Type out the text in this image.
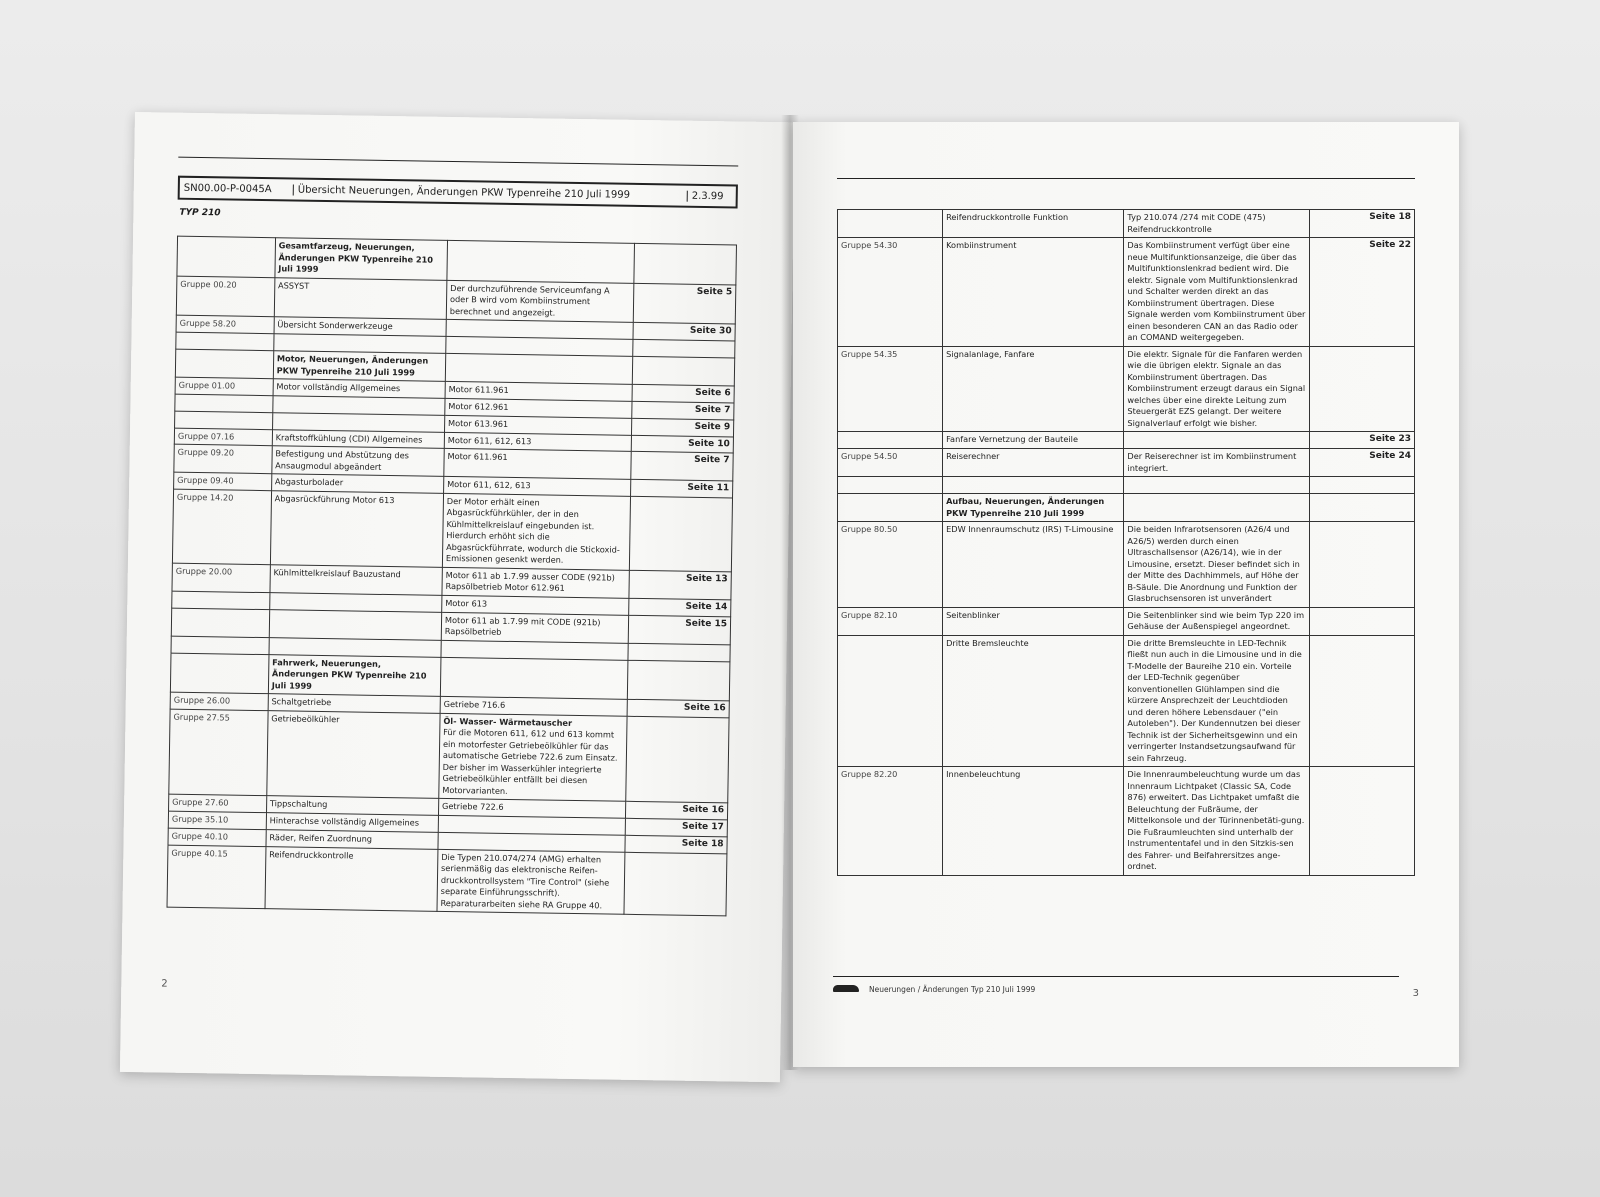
SN00.00-P-0045A	Übersicht Neuerungen, Änderungen PKW Typenreihe 210 Juli 1999	2.3.99
TYP 210
	Gesamtfarzeug, Neuerungen, Änderungen PKW Typenreihe 210 Juli 1999		
Gruppe 00.20	ASSYST	Der durchzuführende Serviceumfang A oder B wird vom Kombiinstrument berechnet und angezeigt.	Seite 5
Gruppe 58.20	Übersicht Sonderwerkzeuge		Seite 30

	Motor, Neuerungen, Änderungen PKW Typenreihe 210 Juli 1999		
Gruppe 01.00	Motor vollständig Allgemeines	Motor 611.961	Seite 6
		Motor 612.961	Seite 7
		Motor 613.961	Seite 9
Gruppe 07.16	Kraftstoffkühlung (CDI) Allgemeines	Motor 611, 612, 613	Seite 10
Gruppe 09.20	Befestigung und Abstützung des Ansaugmodul abgeändert	Motor 611.961	Seite 7
Gruppe 09.40	Abgasturbolader	Motor 611, 612, 613	Seite 11
Gruppe 14.20	Abgasrückführung Motor 613	Der Motor erhält einen Abgasrückführkühler, der in den Kühlmittelkreislauf eingebunden ist. Hierdurch erhöht sich die Abgasrückführrate, wodurch die Stickoxid-Emissionen gesenkt werden.	
Gruppe 20.00	Kühlmittelkreislauf Bauzustand	Motor 611 ab 1.7.99 ausser CODE (921b) Rapsölbetrieb Motor 612.961	Seite 13
		Motor 613	Seite 14
		Motor 611 ab 1.7.99 mit CODE (921b) Rapsölbetrieb	Seite 15

	Fahrwerk, Neuerungen, Änderungen PKW Typenreihe 210 Juli 1999		
Gruppe 26.00	Schaltgetriebe	Getriebe 716.6	Seite 16
Gruppe 27.55	Getriebeölkühler	Öl- Wasser- Wärmetauscher
Für die Motoren 611, 612 und 613 kommt ein motorfester Getriebeölkühler für das automatische Getriebe 722.6 zum Einsatz. Der bisher im Wasserkühler integrierte Getriebeölkühler entfällt bei diesen Motorvarianten.	

Gruppe 27.60	Tippschaltung	Getriebe 722.6	Seite 16
Gruppe 35.10	Hinterachse vollständig Allgemeines		Seite 17
Gruppe 40.10	Räder, Reifen Zuordnung		Seite 18
Gruppe 40.15	Reifendruckkontrolle	Die Typen 210.074/274 (AMG) erhalten serienmäßig das elektronische Reifen-druckkontrollsystem "Tire Control" (siehe separate Einführungsschrift). Reparaturarbeiten siehe RA Gruppe 40.	
2
	Reifendruckkontrolle Funktion	Typ 210.074 /274 mit CODE (475) Reifendruckkontrolle	Seite 18
Gruppe 54.30	Kombiinstrument	Das Kombiinstrument verfügt über eine neue Multifunktionsanzeige, die über das Multifunktionslenkrad bedient wird. Die elektr. Signale vom Multifunktionslenkrad und Schalter werden direkt an das Kombiinstrument übertragen. Diese Signale werden vom Kombiinstrument über einen besonderen CAN an das Radio oder an COMAND weitergegeben.	Seite 22
Gruppe 54.35	Signalanlage, Fanfare	Die elektr. Signale für die Fanfaren werden wie die übrigen elektr. Signale an das Kombiinstrument übertragen. Das Kombiinstrument erzeugt daraus ein Signal welches über eine direkte Leitung zum Steuergerät EZS gelangt. Der weitere Signalverlauf erfolgt wie bisher.	
	Fanfare Vernetzung der Bauteile		Seite 23
Gruppe 54.50	Reiserechner	Der Reiserechner ist im Kombiinstrument integriert.	Seite 24

	Aufbau, Neuerungen, Änderungen PKW Typenreihe 210 Juli 1999		
Gruppe 80.50	EDW Innenraumschutz (IRS) T-Limousine	Die beiden Infrarotsensoren (A26/4 und A26/5) werden durch einen Ultraschallsensor (A26/14), wie in der Limousine, ersetzt. Dieser befindet sich in der Mitte des Dachhimmels, auf Höhe der B-Säule. Die Anordnung und Funktion der Glasbruchsensoren ist unverändert	
Gruppe 82.10	Seitenblinker	Die Seitenblinker sind wie beim Typ 220 im Gehäuse der Außenspiegel angeordnet.	
	Dritte Bremsleuchte	Die dritte Bremsleuchte in LED-Technik fließt nun auch in die Limousine und in die T-Modelle der Baureihe 210 ein. Vorteile der LED-Technik gegenüber konventionellen Glühlampen sind die kürzere Ansprechzeit der Leuchtdioden und deren höhere Lebensdauer ("ein Autoleben"). Der Kundennutzen bei dieser Technik ist der Sicherheitsgewinn und ein verringerter Instandsetzungsaufwand für sein Fahrzeug.	
Gruppe 82.20	Innenbeleuchtung	Die Innenraumbeleuchtung wurde um das Innenraum Lichtpaket (Classic SA, Code 876) erweitert. Das Lichtpaket umfaßt die Beleuchtung der Fußräume, der Mittelkonsole und der Türinnenbetäti-gung. Die Fußraumleuchten sind unterhalb der Instrumententafel und in den Sitzkis-sen des Fahrer- und Beifahrersitzes ange-ordnet.	
Neuerungen / Änderungen Typ 210 Juli 1999	3
